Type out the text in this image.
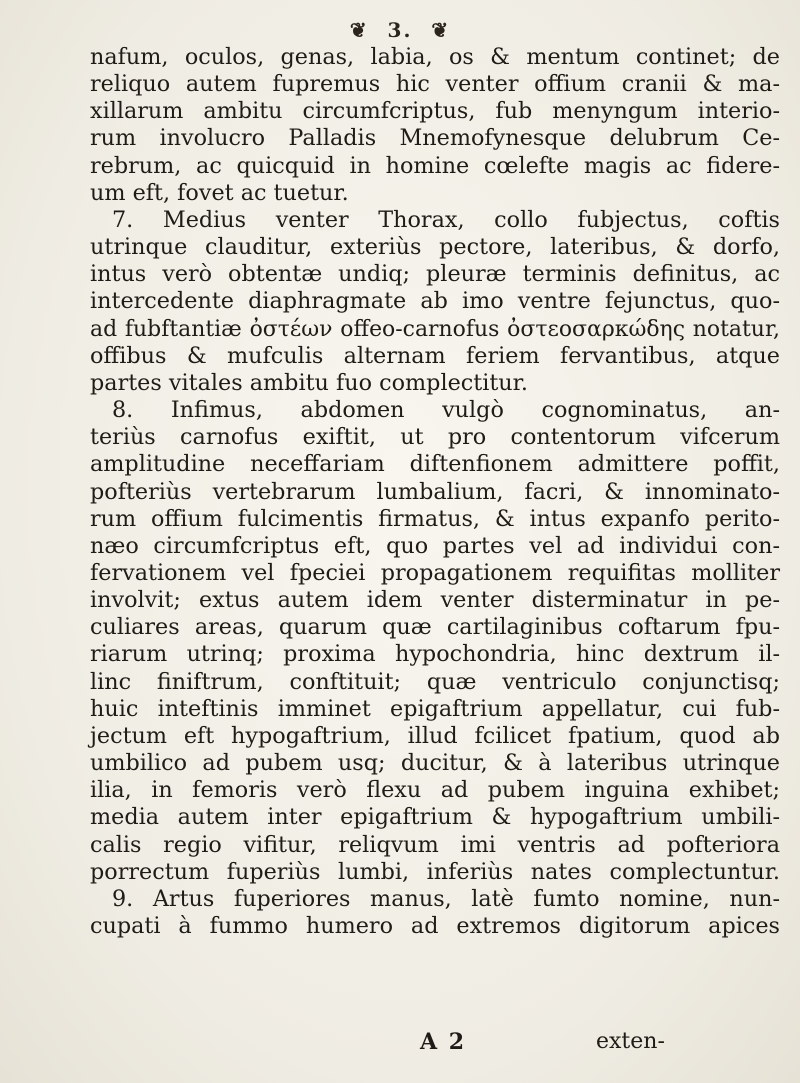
❦ 3. ❦
nafum, oculos, genas, labia, os & mentum continet; de
reliquo autem fupremus hic venter offium cranii & ma-
xillarum ambitu circumfcriptus, fub menyngum interio-
rum involucro Palladis Mnemofynesque delubrum Ce-
rebrum, ac quicquid in homine cœlefte magis ac fidere-
um eft, fovet ac tuetur.
7. Medius venter Thorax, collo fubjectus, coftis
utrinque clauditur, exteriùs pectore, lateribus, & dorfo,
intus verò obtentæ undiq; pleuræ terminis definitus, ac
intercedente diaphragmate ab imo ventre fejunctus, quo-
ad fubftantiæ ὀστέων offeo-carnofus ὀστεοσαρκώδης notatur,
offibus & mufculis alternam feriem fervantibus, atque
partes vitales ambitu fuo complectitur.
8. Infimus, abdomen vulgò cognominatus, an-
teriùs carnofus exiftit, ut pro contentorum vifcerum
amplitudine neceffariam diftenfionem admittere poffit,
pofteriùs vertebrarum lumbalium, facri, & innominato-
rum offium fulcimentis firmatus, & intus expanfo perito-
næo circumfcriptus eft, quo partes vel ad individui con-
fervationem vel fpeciei propagationem requifitas molliter
involvit; extus autem idem venter disterminatur in pe-
culiares areas, quarum quæ cartilaginibus coftarum fpu-
riarum utrinq; proxima hypochondria, hinc dextrum il-
linc finiftrum, conftituit; quæ ventriculo conjunctisq;
huic inteftinis imminet epigaftrium appellatur, cui fub-
jectum eft hypogaftrium, illud fcilicet fpatium, quod ab
umbilico ad pubem usq; ducitur, & à lateribus utrinque
ilia, in femoris verò flexu ad pubem inguina exhibet;
media autem inter epigaftrium & hypogaftrium umbili-
calis regio vifitur, reliqvum imi ventris ad pofteriora
porrectum fuperiùs lumbi, inferiùs nates complectuntur.
9. Artus fuperiores manus, latè fumto nomine, nun-
cupati à fummo humero ad extremos digitorum apices
A 2	exten-
